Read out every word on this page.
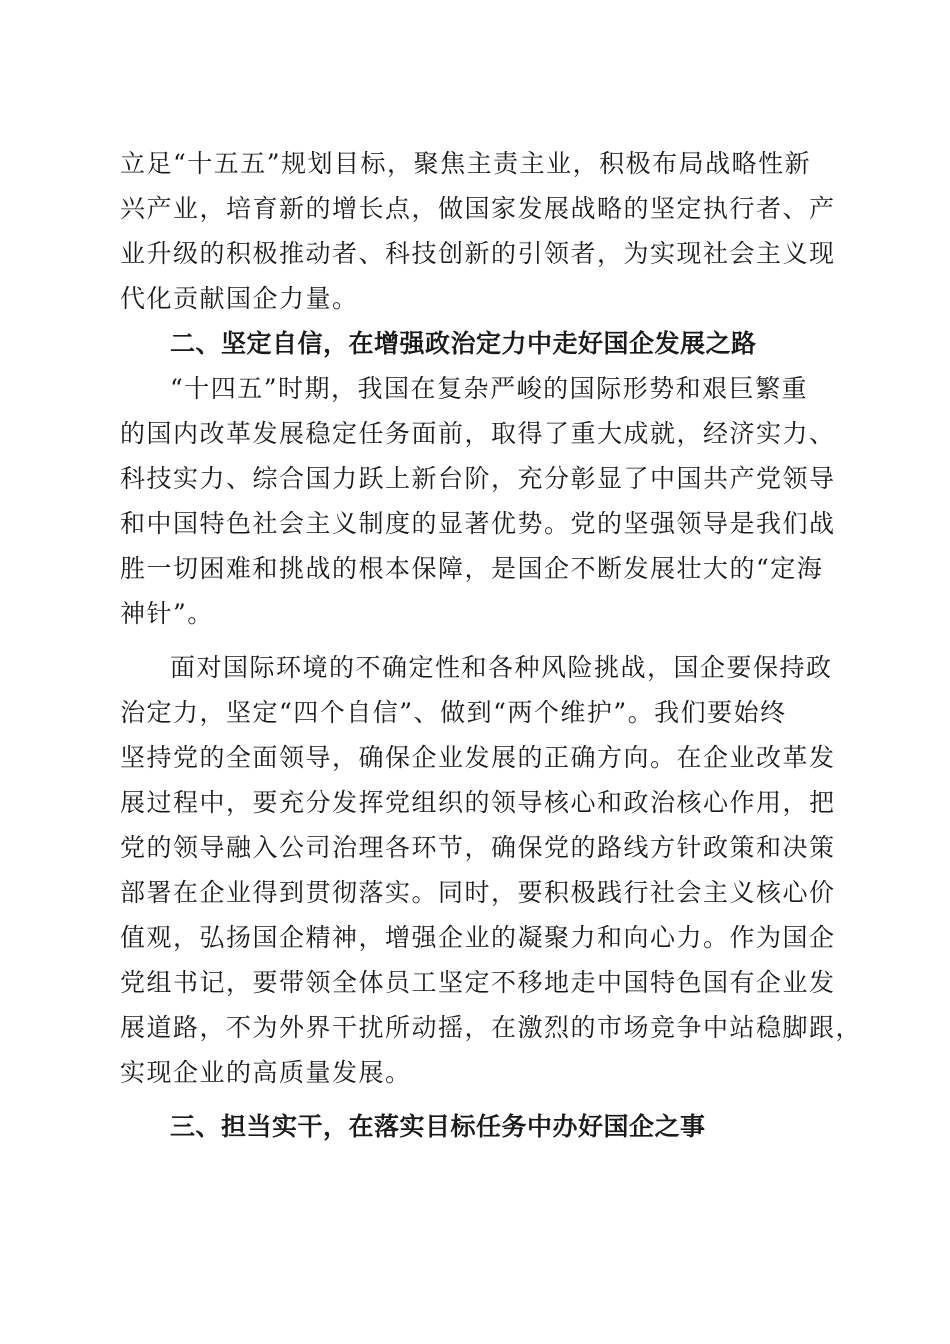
立足“十五五”规划目标，聚焦主责主业，积极布局战略性新
兴产业，培育新的增长点，做国家发展战略的坚定执行者、产
业升级的积极推动者、科技创新的引领者，为实现社会主义现
代化贡献国企力量。
二、坚定自信，在增强政治定力中走好国企发展之路
“十四五”时期，我国在复杂严峻的国际形势和艰巨繁重
的国内改革发展稳定任务面前，取得了重大成就，经济实力、
科技实力、综合国力跃上新台阶，充分彰显了中国共产党领导
和中国特色社会主义制度的显著优势。党的坚强领导是我们战
胜一切困难和挑战的根本保障，是国企不断发展壮大的“定海
神针”。
面对国际环境的不确定性和各种风险挑战，国企要保持政
治定力，坚定“四个自信”、做到“两个维护”。我们要始终
坚持党的全面领导，确保企业发展的正确方向。在企业改革发
展过程中，要充分发挥党组织的领导核心和政治核心作用，把
党的领导融入公司治理各环节，确保党的路线方针政策和决策
部署在企业得到贯彻落实。同时，要积极践行社会主义核心价
值观，弘扬国企精神，增强企业的凝聚力和向心力。作为国企
党组书记，要带领全体员工坚定不移地走中国特色国有企业发
展道路，不为外界干扰所动摇，在激烈的市场竞争中站稳脚跟，
实现企业的高质量发展。
三、担当实干，在落实目标任务中办好国企之事
